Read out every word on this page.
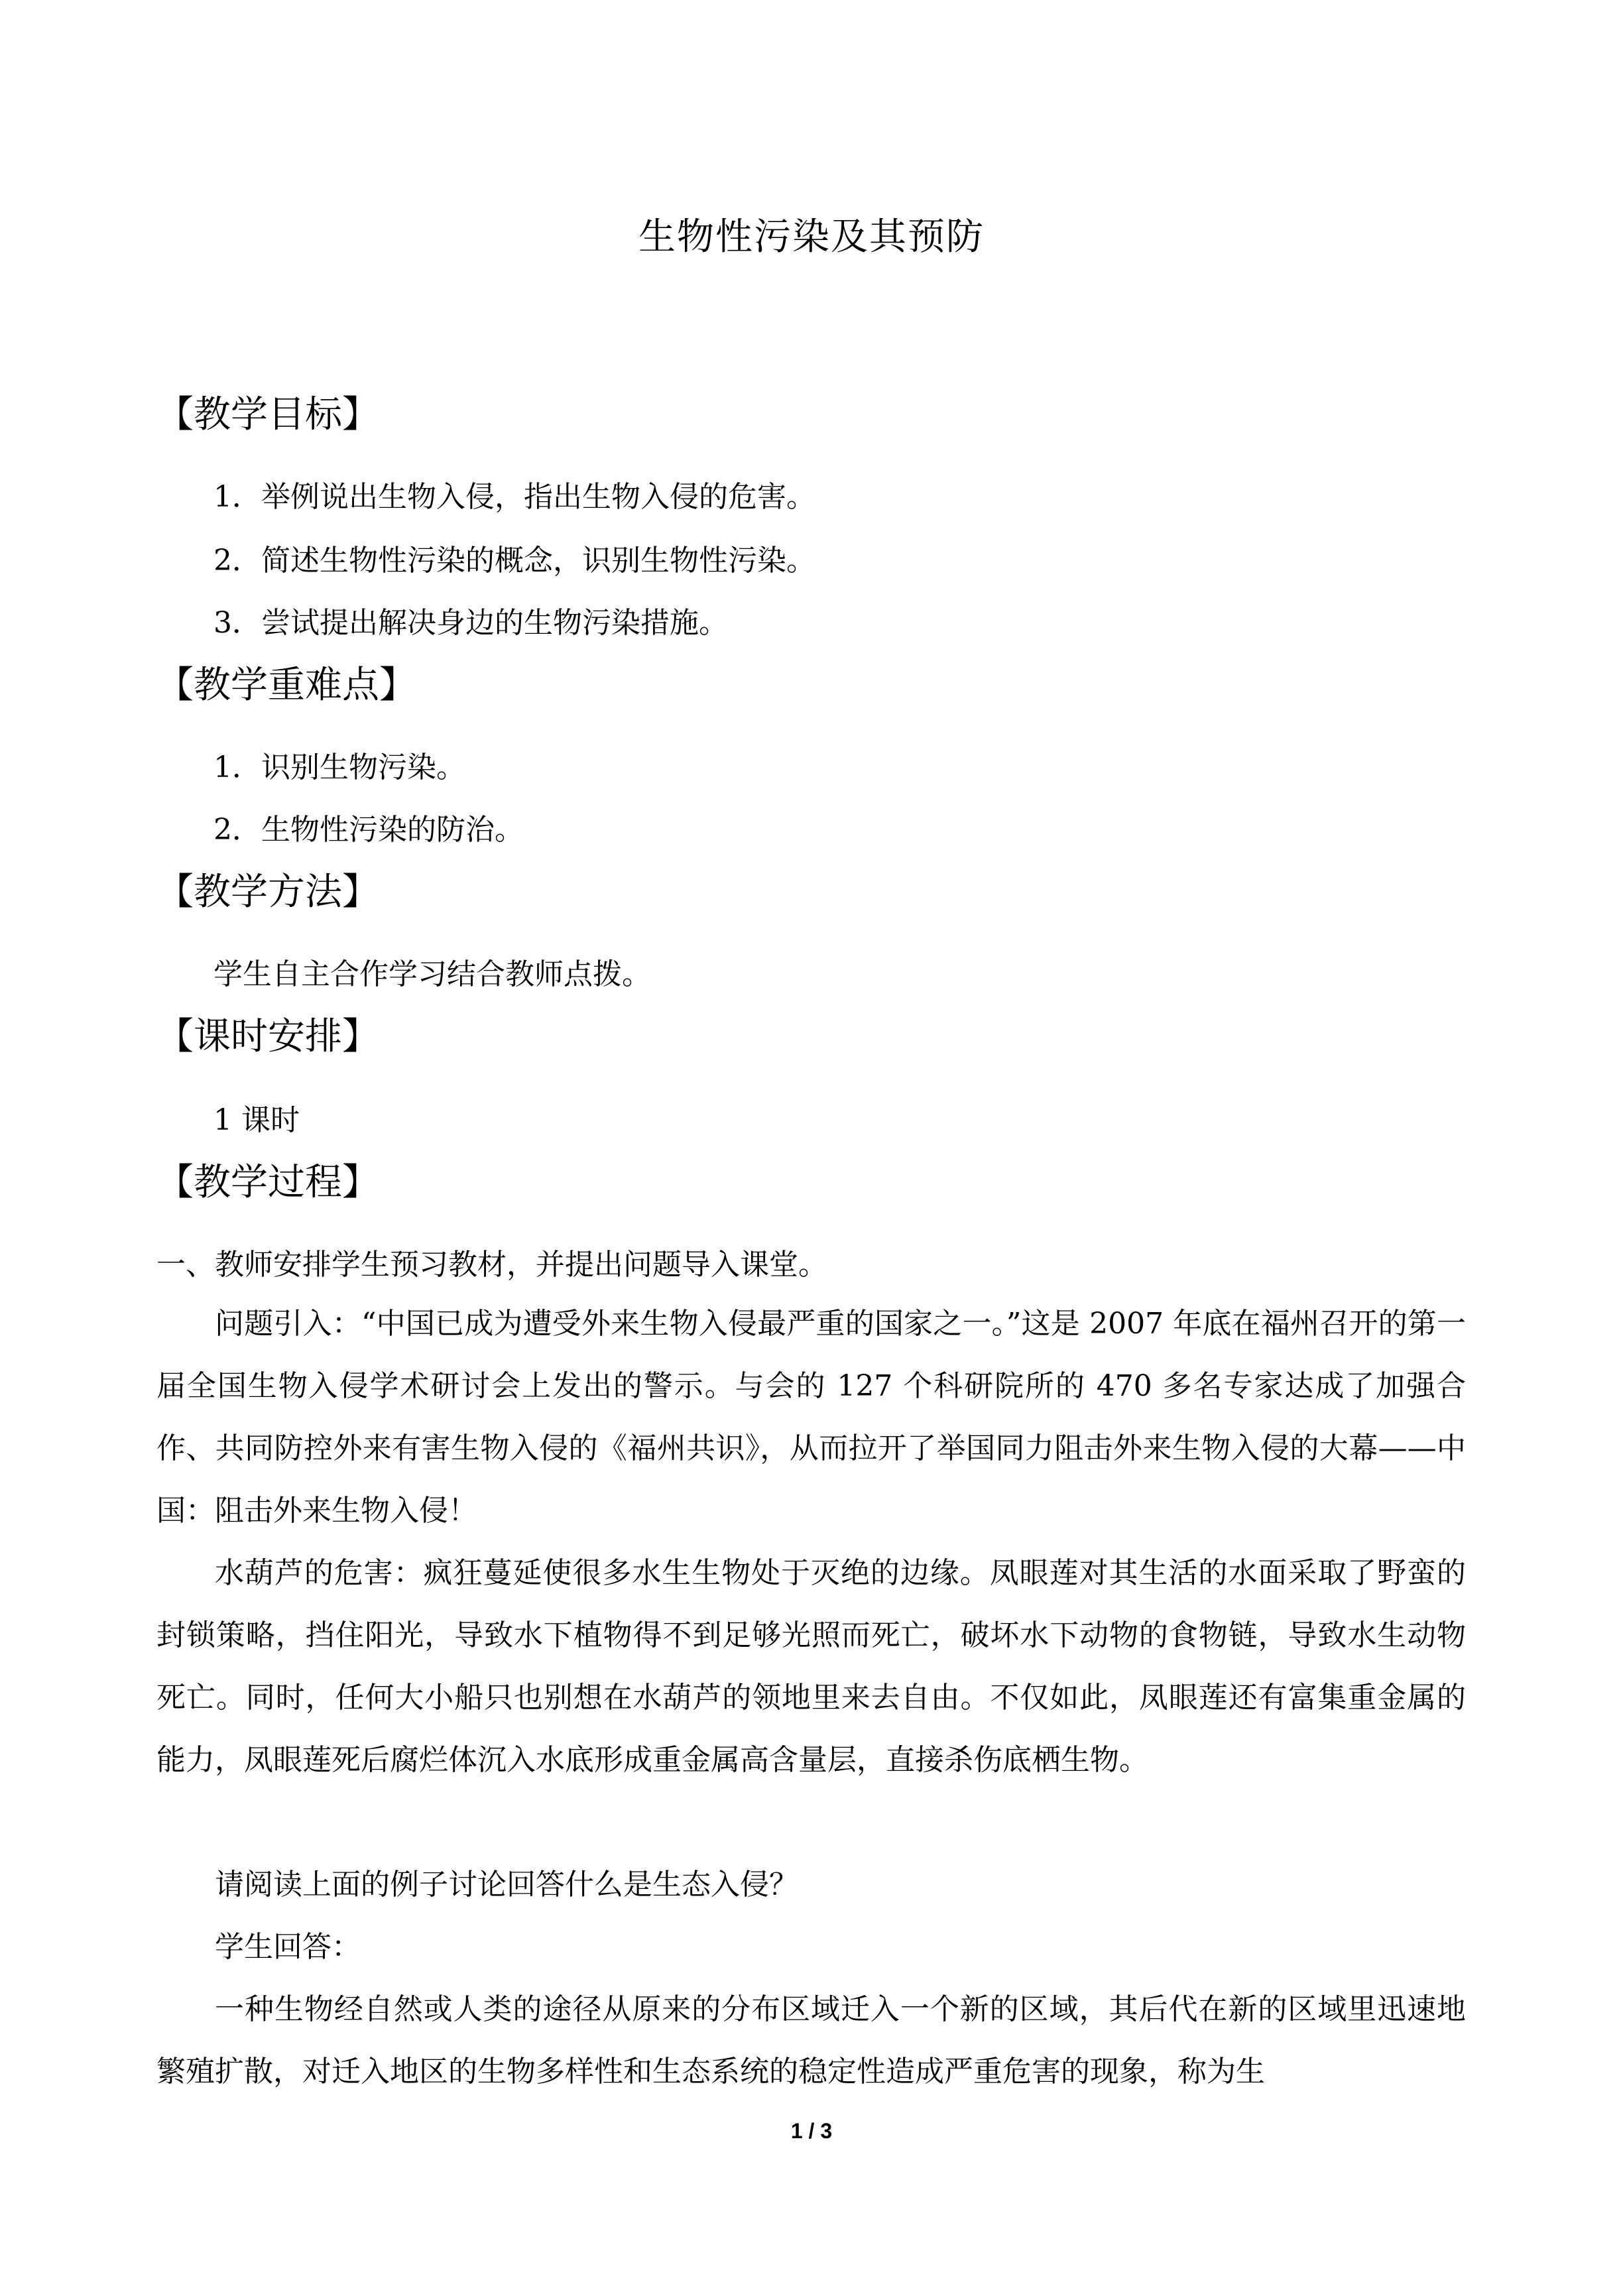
生物性污染及其预防
【教学目标】
1．举例说出生物入侵，指出生物入侵的危害。
2．简述生物性污染的概念，识别生物性污染。
3．尝试提出解决身边的生物污染措施。
【教学重难点】
1．识别生物污染。
2．生物性污染的防治。
【教学方法】
学生自主合作学习结合教师点拨。
【课时安排】
1 课时
【教学过程】
一、教师安排学生预习教材，并提出问题导入课堂。
问题引入：“中国已成为遭受外来生物入侵最严重的国家之一。”这是 2007 年底在福州召开的第一届全国生物入侵学术研讨会上发出的警示。与会的 127 个科研院所的 470 多名专家达成了加强合作、共同防控外来有害生物入侵的《福州共识》，从而拉开了举国同力阻击外来生物入侵的大幕——中国：阻击外来生物入侵！
水葫芦的危害：疯狂蔓延使很多水生生物处于灭绝的边缘。凤眼莲对其生活的水面采取了野蛮的封锁策略，挡住阳光，导致水下植物得不到足够光照而死亡，破坏水下动物的食物链，导致水生动物死亡。同时，任何大小船只也别想在水葫芦的领地里来去自由。不仅如此，凤眼莲还有富集重金属的能力，凤眼莲死后腐烂体沉入水底形成重金属高含量层，直接杀伤底栖生物。
请阅读上面的例子讨论回答什么是生态入侵？
学生回答：
一种生物经自然或人类的途径从原来的分布区域迁入一个新的区域，其后代在新的区域里迅速地繁殖扩散，对迁入地区的生物多样性和生态系统的稳定性造成严重危害的现象，称为生
1 / 3
